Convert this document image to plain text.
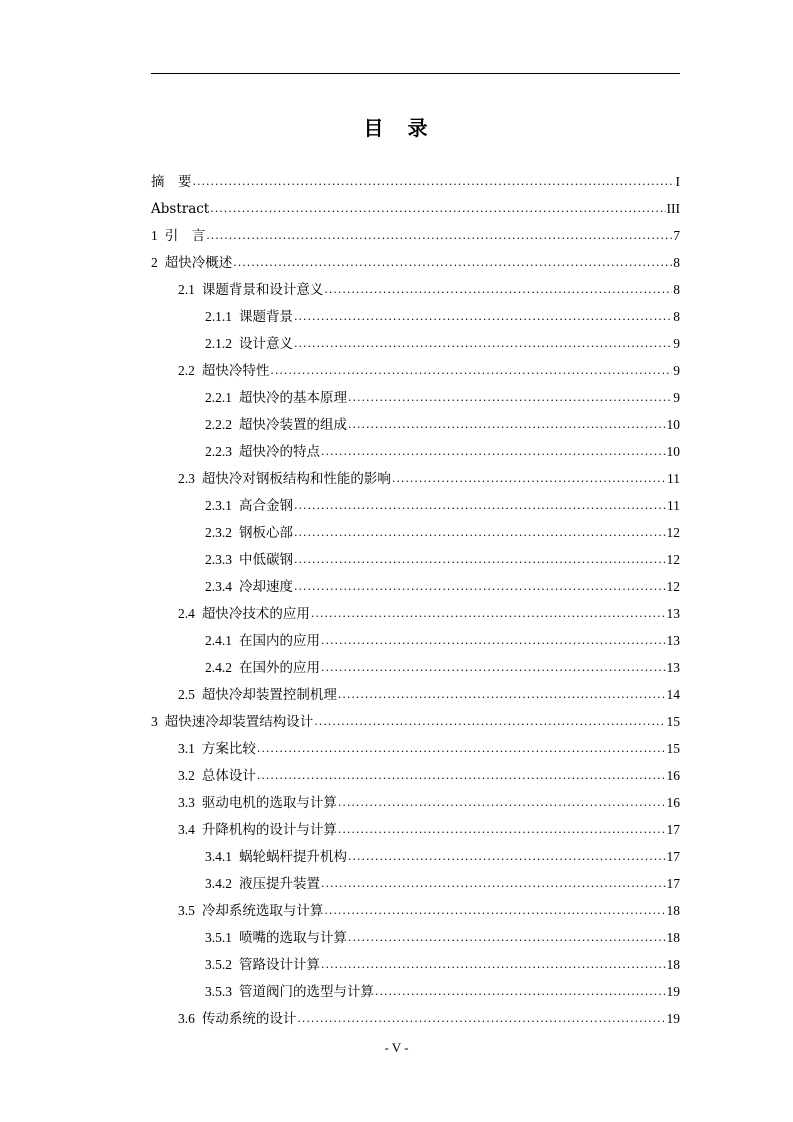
目　录
摘　要 .....	I
Abstract .....	III
1 引　言 .....	7
2 超快冷概述 .....	8
2.1 课题背景和设计意义 .....	8
2.1.1 课题背景 .....	8
2.1.2 设计意义 .....	9
2.2 超快冷特性 .....	9
2.2.1 超快冷的基本原理 .....	9
2.2.2 超快冷装置的组成 .....	10
2.2.3 超快冷的特点 .....	10
2.3 超快冷对钢板结构和性能的影响 .....	11
2.3.1 高合金钢 .....	11
2.3.2 钢板心部 .....	12
2.3.3 中低碳钢 .....	12
2.3.4 冷却速度 .....	12
2.4 超快冷技术的应用 .....	13
2.4.1 在国内的应用 .....	13
2.4.2 在国外的应用 .....	13
2.5 超快冷却装置控制机理 .....	14
3 超快速冷却装置结构设计 .....	15
3.1 方案比较 .....	15
3.2 总体设计 .....	16
3.3 驱动电机的选取与计算 .....	16
3.4 升降机构的设计与计算 .....	17
3.4.1 蜗轮蜗杆提升机构 .....	17
3.4.2 液压提升装置 .....	17
3.5 冷却系统选取与计算 .....	18
3.5.1 喷嘴的选取与计算 .....	18
3.5.2 管路设计计算 .....	18
3.5.3 管道阀门的选型与计算 .....	19
3.6 传动系统的设计 .....	19
- V -
